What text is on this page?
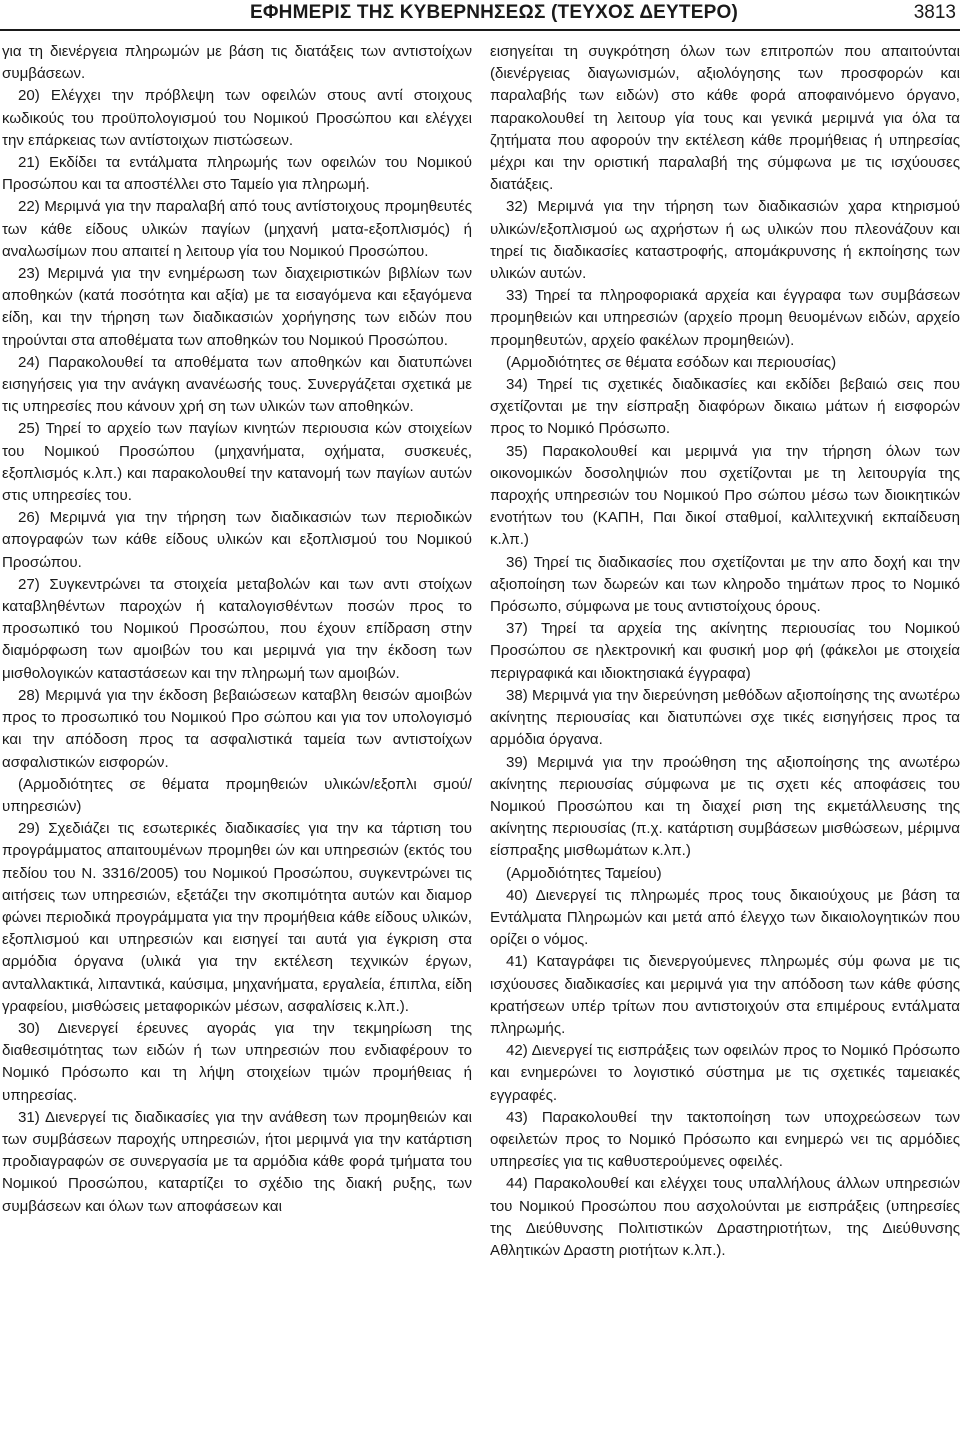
ΕΦΗΜΕΡΙΣ ΤΗΣ ΚΥΒΕΡΝΗΣΕΩΣ (ΤΕΥΧΟΣ ΔΕΥΤΕΡΟ)	3813

για τη διενέργεια πληρωμών με βάση τις διατάξεις των αντιστοίχων συμβάσεων.

20) Ελέγχει την πρόβλεψη των οφειλών στους αντί στοιχους κωδικούς του προϋπολογισμού του Νομικού Προσώπου και ελέγχει την επάρκειας των αντίστοιχων πιστώσεων.

21) Εκδίδει τα εντάλματα πληρωμής των οφειλών του Νομικού Προσώπου και τα αποστέλλει στο Ταμείο για πληρωμή.

22) Μεριμνά για την παραλαβή από τους αντίστοιχους προμηθευτές των κάθε είδους υλικών παγίων (μηχανή ματα-εξοπλισμός) ή αναλωσίμων που απαιτεί η λειτουρ γία του Νομικού Προσώπου.

23) Μεριμνά για την ενημέρωση των διαχειριστικών βιβλίων των αποθηκών (κατά ποσότητα και αξία) με τα εισαγόμενα και εξαγόμενα είδη, και την τήρηση των διαδικασιών χορήγησης των ειδών που τηρούνται στα αποθέματα των αποθηκών του Νομικού Προσώπου.

24) Παρακολουθεί τα αποθέματα των αποθηκών και διατυπώνει εισηγήσεις για την ανάγκη ανανέωσής τους. Συνεργάζεται σχετικά με τις υπηρεσίες που κάνουν χρή ση των υλικών των αποθηκών.

25) Τηρεί το αρχείο των παγίων κινητών περιουσια κών στοιχείων του Νομικού Προσώπου (μηχανήματα, οχήματα, συσκευές, εξοπλισμός κ.λπ.) και παρακολουθεί την κατανομή των παγίων αυτών στις υπηρεσίες του.

26) Μεριμνά για την τήρηση των διαδικασιών των περιοδικών απογραφών των κάθε είδους υλικών και εξοπλισμού του Νομικού Προσώπου.

27) Συγκεντρώνει τα στοιχεία μεταβολών και των αντι στοίχων καταβληθέντων παροχών ή καταλογισθέντων ποσών προς το προσωπικό του Νομικού Προσώπου, που έχουν επίδραση στην διαμόρφωση των αμοιβών του και μεριμνά για την έκδοση των μισθολογικών καταστάσεων και την πληρωμή των αμοιβών.

28) Μεριμνά για την έκδοση βεβαιώσεων καταβλη θεισών αμοιβών προς το προσωπικό του Νομικού Προ σώπου και για τον υπολογισμό και την απόδοση προς τα ασφαλιστικά ταμεία των αντιστοίχων ασφαλιστικών εισφορών.

(Αρμοδιότητες σε θέματα προμηθειών υλικών/εξοπλι σμού/υπηρεσιών)

29) Σχεδιάζει τις εσωτερικές διαδικασίες για την κα τάρτιση του προγράμματος απαιτουμένων προμηθει ών και υπηρεσιών (εκτός του πεδίου του Ν. 3316/2005) του Νομικού Προσώπου, συγκεντρώνει τις αιτήσεις των υπηρεσιών, εξετάζει την σκοπιμότητα αυτών και διαμορ φώνει περιοδικά προγράμματα για την προμήθεια κάθε είδους υλικών, εξοπλισμού και υπηρεσιών και εισηγεί ται αυτά για έγκριση στα αρμόδια όργανα (υλικά για την εκτέλεση τεχνικών έργων, ανταλλακτικά, λιπαντικά, καύσιμα, μηχανήματα, εργαλεία, έπιπλα, είδη γραφείου, μισθώσεις μεταφορικών μέσων, ασφαλίσεις κ.λπ.).

30) Διενεργεί έρευνες αγοράς για την τεκμηρίωση της διαθεσιμότητας των ειδών ή των υπηρεσιών που ενδιαφέρουν το Νομικό Πρόσωπο και τη λήψη στοιχείων τιμών προμήθειας ή υπηρεσίας.

31) Διενεργεί τις διαδικασίες για την ανάθεση των προμηθειών και των συμβάσεων παροχής υπηρεσιών, ήτοι μεριμνά για την κατάρτιση προδιαγραφών σε συνεργασία με τα αρμόδια κάθε φορά τμήματα του Νομικού Προσώπου, καταρτίζει το σχέδιο της διακή ρυξης, των συμβάσεων και όλων των αποφάσεων και

εισηγείται τη συγκρότηση όλων των επιτροπών που απαιτούνται (διενέργειας διαγωνισμών, αξιολόγησης των προσφορών και παραλαβής των ειδών) στο κάθε φορά αποφαινόμενο όργανο, παρακολουθεί τη λειτουρ γία τους και γενικά μεριμνά για όλα τα ζητήματα που αφορούν την εκτέλεση κάθε προμήθειας ή υπηρεσίας μέχρι και την οριστική παραλαβή της σύμφωνα με τις ισχύουσες διατάξεις.

32) Μεριμνά για την τήρηση των διαδικασιών χαρα κτηρισμού υλικών/εξοπλισμού ως αχρήστων ή ως υλικών που πλεονάζουν και τηρεί τις διαδικασίες καταστροφής, απομάκρυνσης ή εκποίησης των υλικών αυτών.

33) Τηρεί τα πληροφοριακά αρχεία και έγγραφα των συμβάσεων προμηθειών και υπηρεσιών (αρχείο προμη θευομένων ειδών, αρχείο προμηθευτών, αρχείο φακέλων προμηθειών).

(Αρμοδιότητες σε θέματα εσόδων και περιουσίας)

34) Τηρεί τις σχετικές διαδικασίες και εκδίδει βεβαιώ σεις που σχετίζονται με την είσπραξη διαφόρων δικαιω μάτων ή εισφορών προς το Νομικό Πρόσωπο.

35) Παρακολουθεί και μεριμνά για την τήρηση όλων των οικονομικών δοσοληψιών που σχετίζονται με τη λειτουργία της παροχής υπηρεσιών του Νομικού Προ σώπου μέσω των διοικητικών ενοτήτων του (ΚΑΠΗ, Παι δικοί σταθμοί, καλλιτεχνική εκπαίδευση κ.λπ.)

36) Τηρεί τις διαδικασίες που σχετίζονται με την απο δοχή και την αξιοποίηση των δωρεών και των κληροδο τημάτων προς το Νομικό Πρόσωπο, σύμφωνα με τους αντιστοίχους όρους.

37) Τηρεί τα αρχεία της ακίνητης περιουσίας του Νομικού Προσώπου σε ηλεκτρονική και φυσική μορ φή (φάκελοι με στοιχεία περιγραφικά και ιδιοκτησιακά έγγραφα)

38) Μεριμνά για την διερεύνηση μεθόδων αξιοποίησης της ανωτέρω ακίνητης περιουσίας και διατυπώνει σχε τικές εισηγήσεις προς τα αρμόδια όργανα.

39) Μεριμνά για την προώθηση της αξιοποίησης της ανωτέρω ακίνητης περιουσίας σύμφωνα με τις σχετι κές αποφάσεις του Νομικού Προσώπου και τη διαχεί ριση της εκμετάλλευσης της ακίνητης περιουσίας (π.χ. κατάρτιση συμβάσεων μισθώσεων, μέριμνα είσπραξης μισθωμάτων κ.λπ.)

(Αρμοδιότητες Ταμείου)

40) Διενεργεί τις πληρωμές προς τους δικαιούχους με βάση τα Εντάλματα Πληρωμών και μετά από έλεγχο των δικαιολογητικών που ορίζει ο νόμος.

41) Καταγράφει τις διενεργούμενες πληρωμές σύμ φωνα με τις ισχύουσες διαδικασίες και μεριμνά για την απόδοση των κάθε φύσης κρατήσεων υπέρ τρίτων που αντιστοιχούν στα επιμέρους εντάλματα πληρωμής.

42) Διενεργεί τις εισπράξεις των οφειλών προς το Νομικό Πρόσωπο και ενημερώνει το λογιστικό σύστημα με τις σχετικές ταμειακές εγγραφές.

43) Παρακολουθεί την τακτοποίηση των υποχρεώσεων των οφειλετών προς το Νομικό Πρόσωπο και ενημερώ νει τις αρμόδιες υπηρεσίες για τις καθυστερούμενες οφειλές.

44) Παρακολουθεί και ελέγχει τους υπαλλήλους άλλων υπηρεσιών του Νομικού Προσώπου που ασχολούνται με εισπράξεις (υπηρεσίες της Διεύθυνσης Πολιτιστικών Δραστηριοτήτων, της Διεύθυνσης Αθλητικών Δραστη ριοτήτων κ.λπ.).
